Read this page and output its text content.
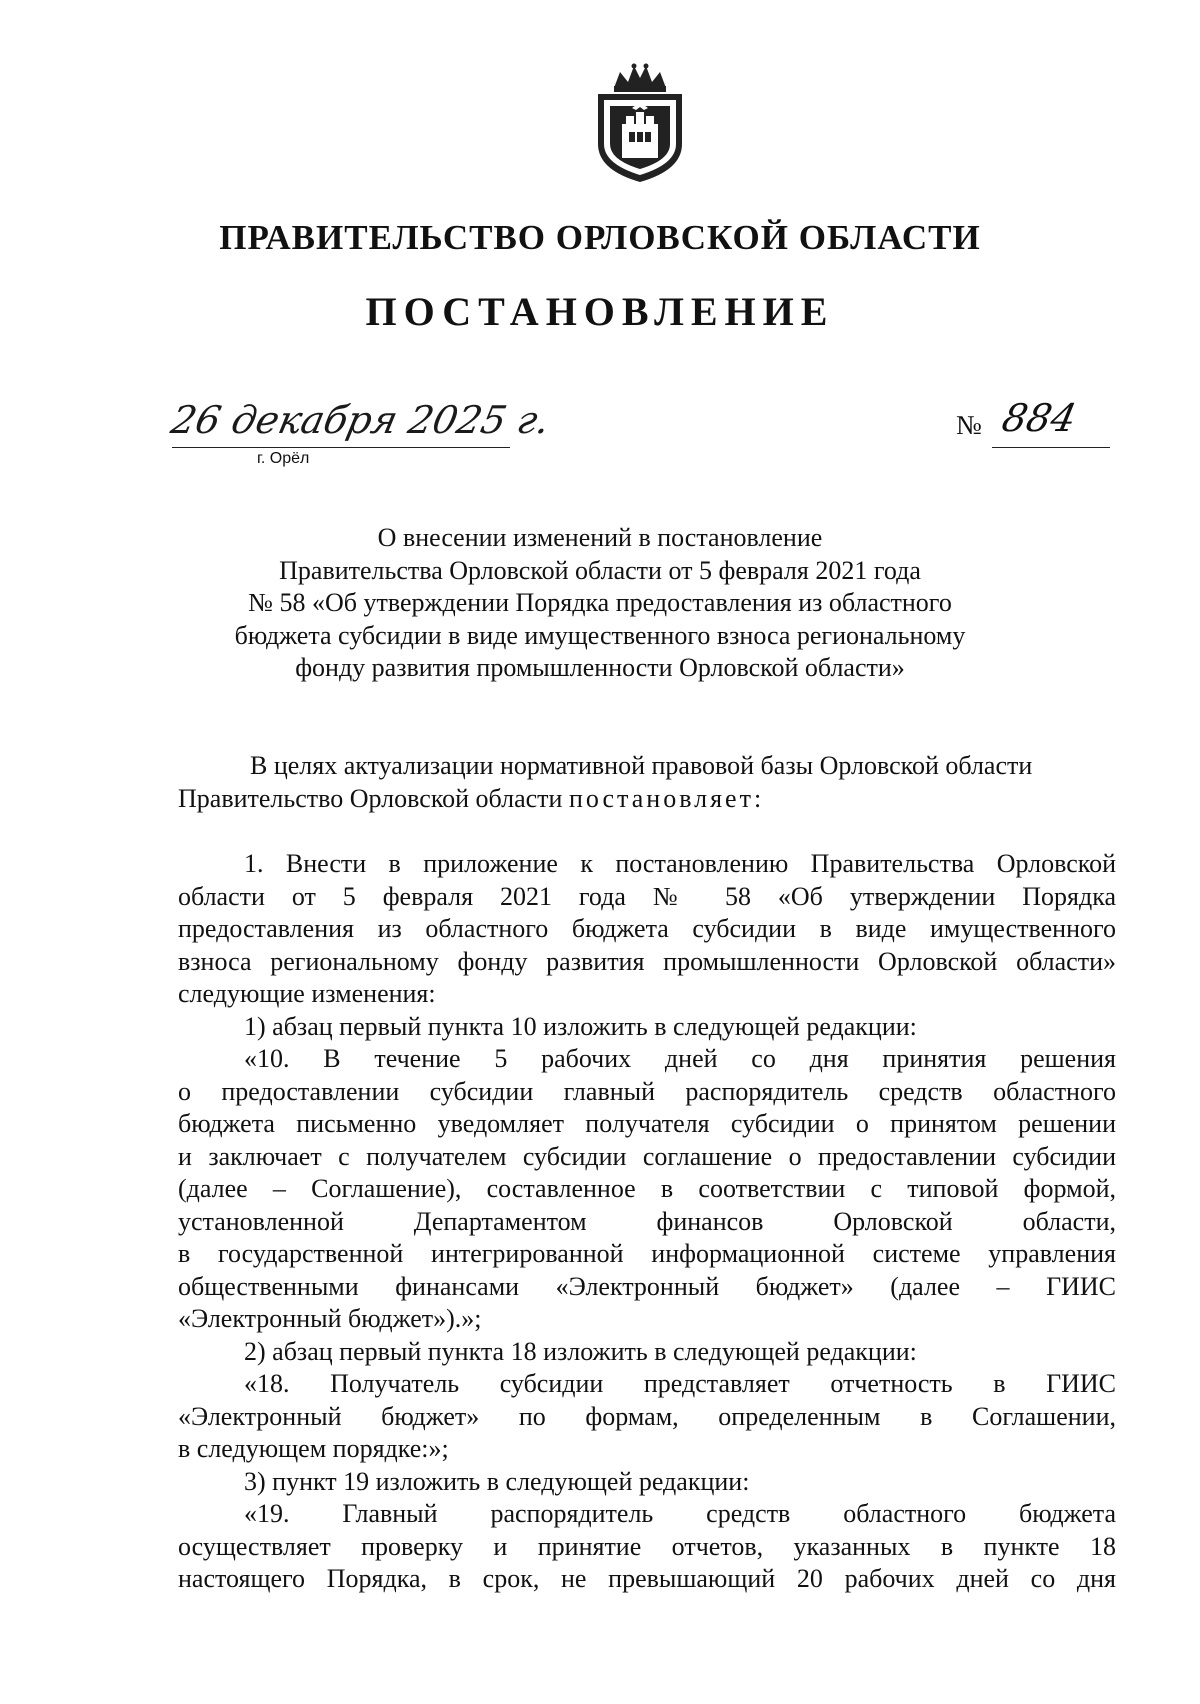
ПРАВИТЕЛЬСТВО ОРЛОВСКОЙ ОБЛАСТИ
ПОСТАНОВЛЕНИЕ
26 декабря 2025 г.
г. Орёл
№ 884
О внесении изменений в постановление
Правительства Орловской области от 5 февраля 2021 года
№ 58 «Об утверждении Порядка предоставления из областного
бюджета субсидии в виде имущественного взноса региональному
фонду развития промышленности Орловской области»
В целях актуализации нормативной правовой базы Орловской области
Правительство Орловской области постановляет:
1. Внести в приложение к постановлению Правительства Орловской
области от 5 февраля 2021 года № 58 «Об утверждении Порядка
предоставления из областного бюджета субсидии в виде имущественного
взноса региональному фонду развития промышленности Орловской области»
следующие изменения:
1) абзац первый пункта 10 изложить в следующей редакции:
«10. В течение 5 рабочих дней со дня принятия решения
о предоставлении субсидии главный распорядитель средств областного
бюджета письменно уведомляет получателя субсидии о принятом решении
и заключает с получателем субсидии соглашение о предоставлении субсидии
(далее – Соглашение), составленное в соответствии с типовой формой,
установленной Департаментом финансов Орловской области,
в государственной интегрированной информационной системе управления
общественными финансами «Электронный бюджет» (далее – ГИИС
«Электронный бюджет»).»;
2) абзац первый пункта 18 изложить в следующей редакции:
«18. Получатель субсидии представляет отчетность в ГИИС
«Электронный бюджет» по формам, определенным в Соглашении,
в следующем порядке:»;
3) пункт 19 изложить в следующей редакции:
«19. Главный распорядитель средств областного бюджета
осуществляет проверку и принятие отчетов, указанных в пункте 18
настоящего Порядка, в срок, не превышающий 20 рабочих дней со дня
